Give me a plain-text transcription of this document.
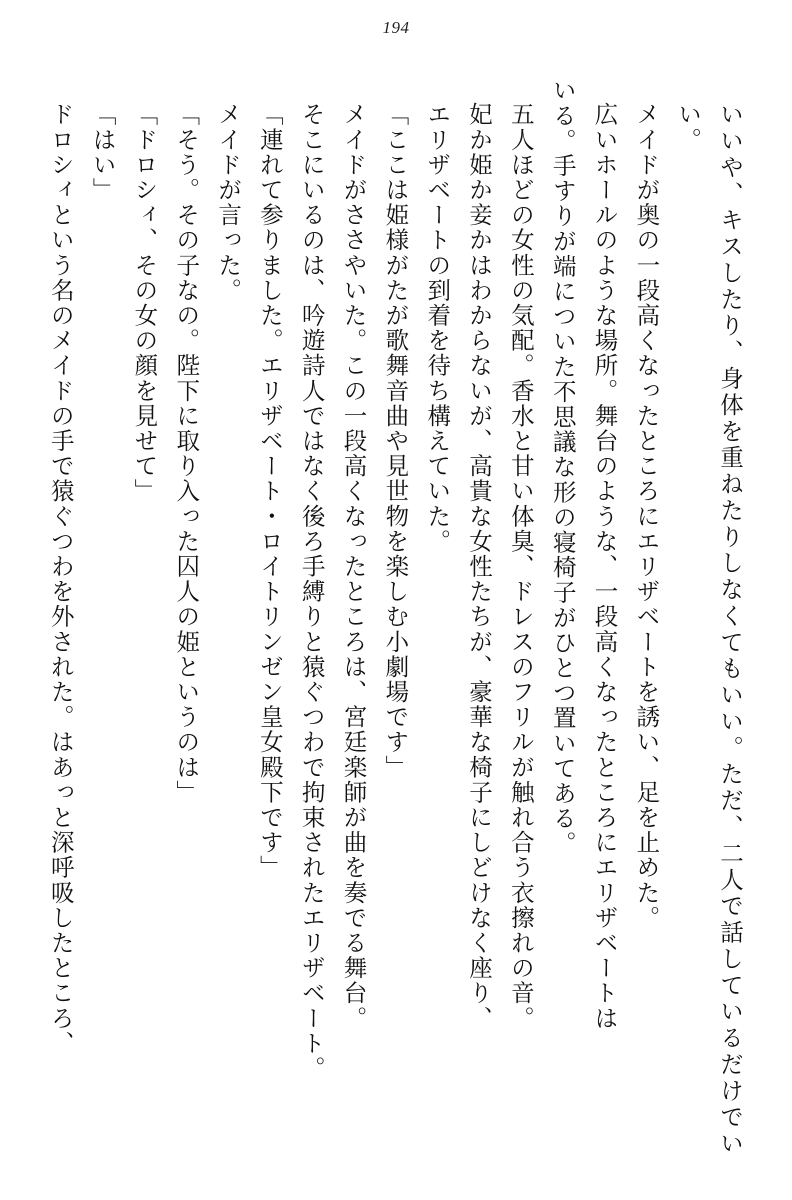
194
いいや、キスしたり、身体を重ねたりしなくてもいい。ただ、二人で話しているだけでいい。
メイドが奥の一段高くなったところにエリザベートを誘い、足を止めた。
広いホールのような場所。舞台のような、一段高くなったところにエリザベートは
いる。手すりが端についた不思議な形の寝椅子がひとつ置いてある。
五人ほどの女性の気配。香水と甘い体臭、ドレスのフリルが触れ合う衣擦れの音。
妃か姫か妾かはわからないが、高貴な女性たちが、豪華な椅子にしどけなく座り、
エリザベートの到着を待ち構えていた。
「ここは姫様がたが歌舞音曲や見世物を楽しむ小劇場です」
メイドがささやいた。この一段高くなったところは、宮廷楽師が曲を奏でる舞台。
そこにいるのは、吟遊詩人ではなく後ろ手縛りと猿ぐつわで拘束されたエリザベート。
「連れて参りました。エリザベート・ロイトリンゼン皇女殿下です」
メイドが言った。
「そう。その子なの。陛下に取り入った囚人の姫というのは」
「ドロシィ、その女の顔を見せて」
「はい」
ドロシィという名のメイドの手で猿ぐつわを外された。はあっと深呼吸したところ、
